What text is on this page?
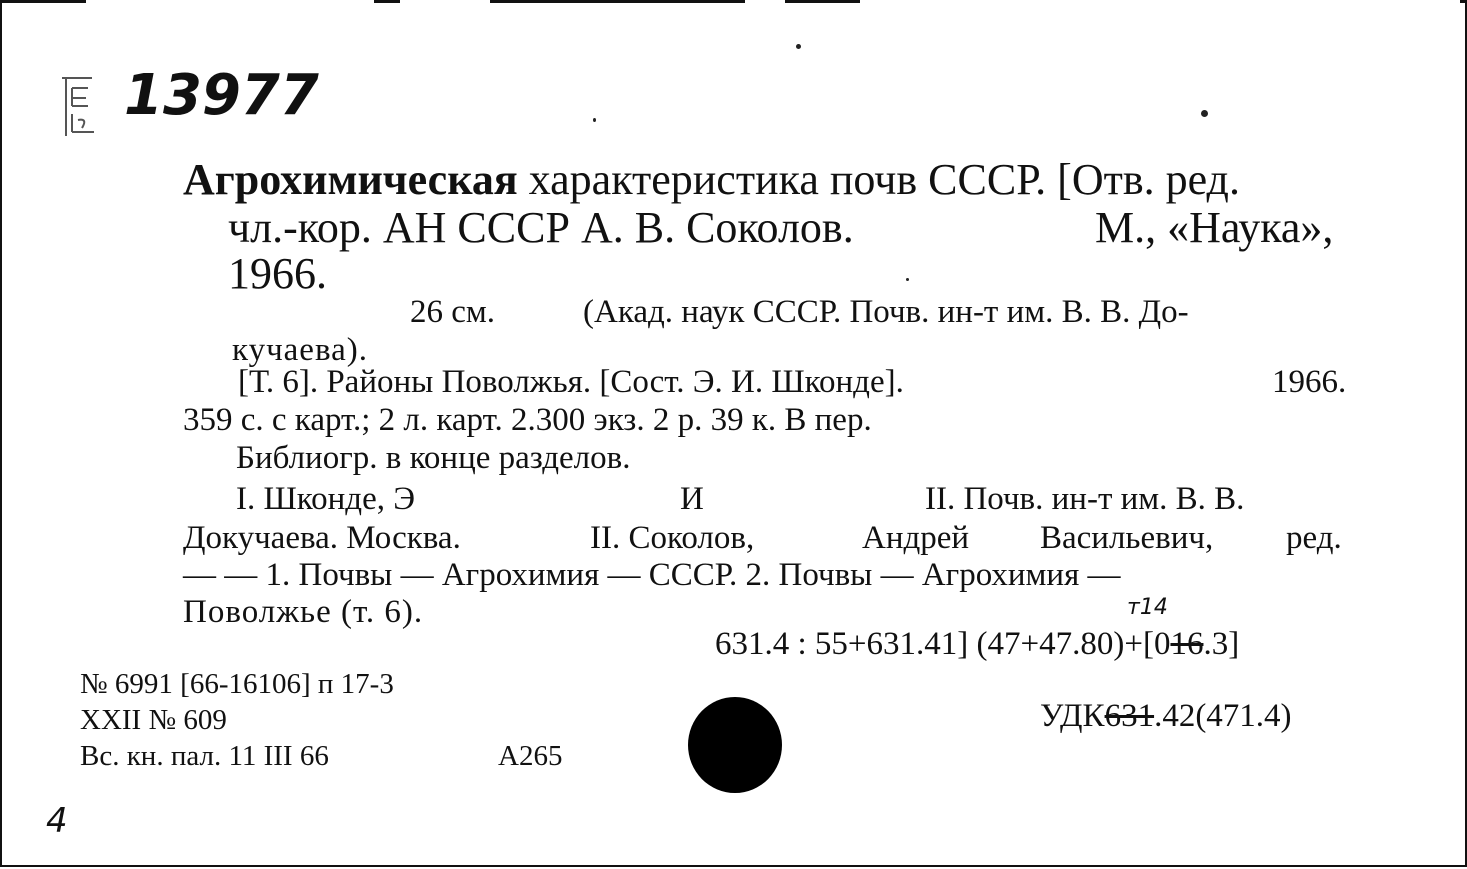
13977
Агрохимическая характеристика почв СССР. [Отв. ред.
чл.-кор. АН СССР А. В. Соколов.	М., «Наука»,
1966.
26 см.	(Акад. наук СССР. Почв. ин-т им. В. В. До-
кучаева).
[Т. 6]. Районы Поволжья. [Сост. Э. И. Шконде].	1966.
359 с. с карт.; 2 л. карт. 2.300 экз. 2 р. 39 к. В пер.
Библиогр. в конце разделов.
I. Шконде, Э	И	II. Почв. ин-т им. В. В.
Докучаева. Москва.	II. Соколов,	Андрей Васильевич, ред.
— — 1. Почвы — Агрохимия — СССР. 2. Почвы — Агрохимия —
Поволжье (т. 6).	т14
631.4 : 55+631.41] (47+47.80)+[016.3]
№ 6991 [66-16106] п 17-3
XXII № 609
Вс. кн. пал. 11 III 66	А265
УДК631.42(471.4)
4
